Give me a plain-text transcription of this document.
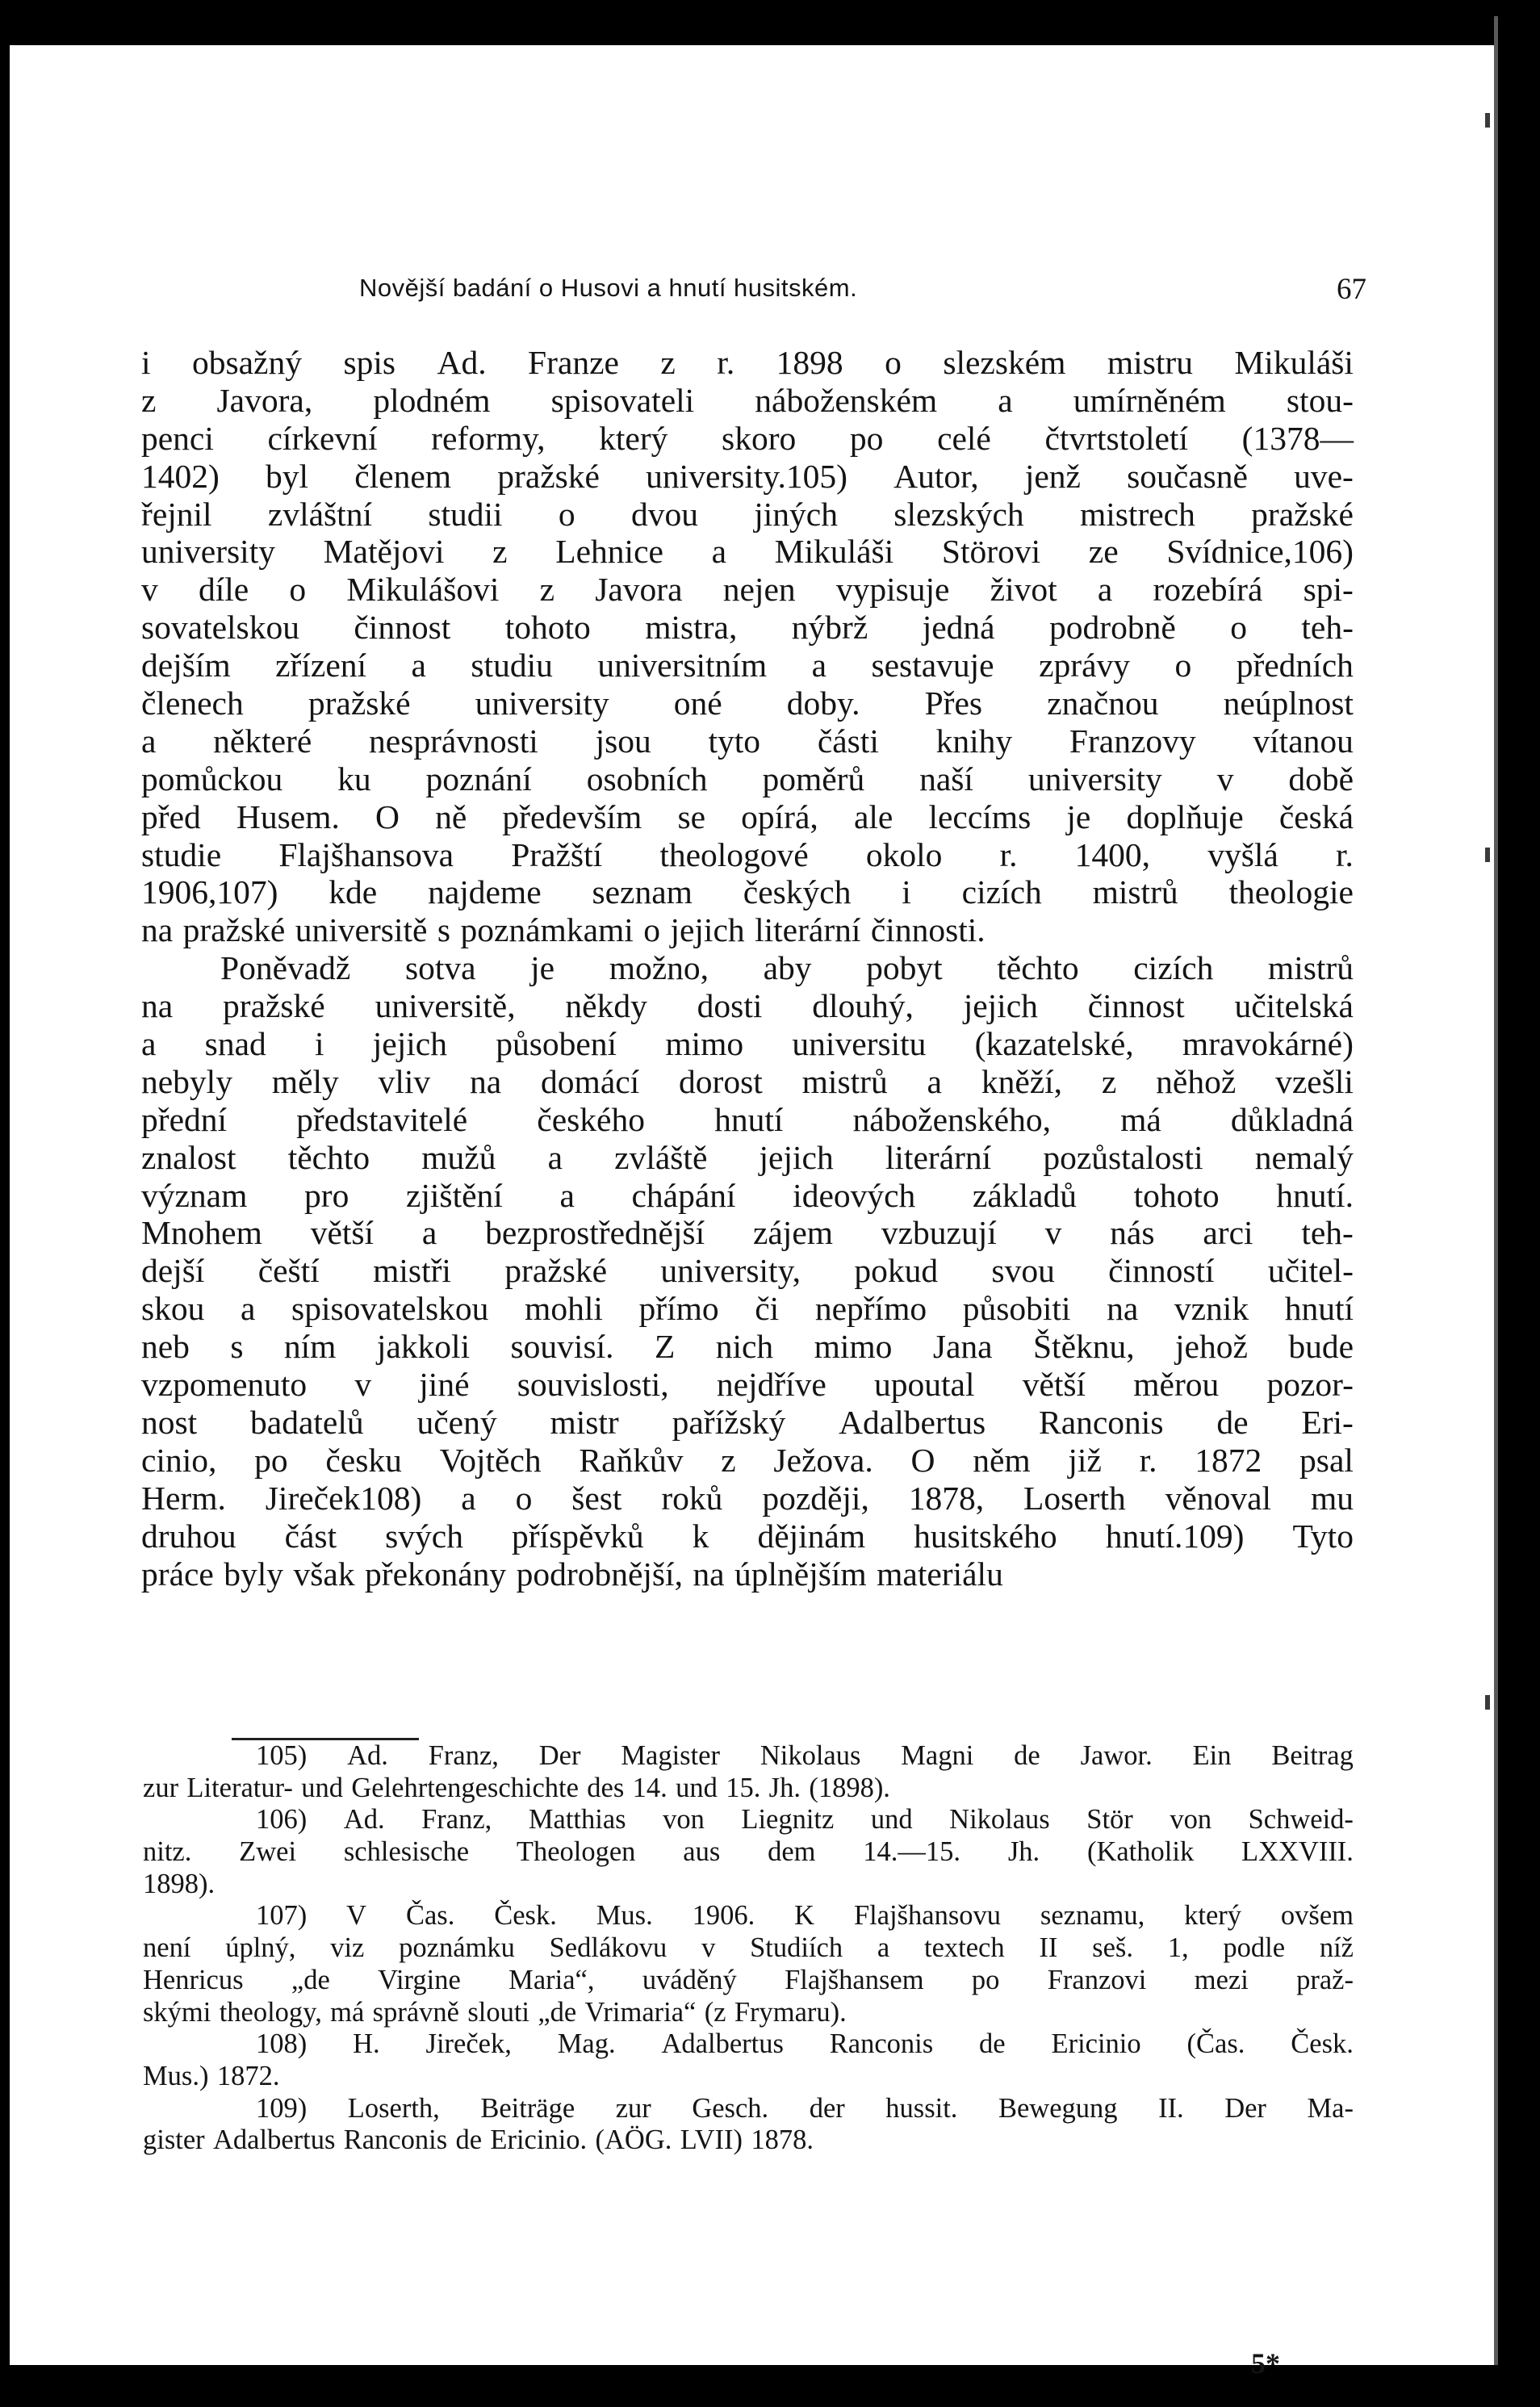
Novější badání o Husovi a hnutí husitském.	67
i obsažný spis Ad. Franze z r. 1898 o slezském mistru Mikuláši
z Javora, plodném spisovateli náboženském a umírněném stou-
penci církevní reformy, který skoro po celé čtvrtstoletí (1378—
1402) byl členem pražské university.105) Autor, jenž současně uve-
řejnil zvláštní studii o dvou jiných slezských mistrech pražské
university Matějovi z Lehnice a Mikuláši Störovi ze Svídnice,106)
v díle o Mikulášovi z Javora nejen vypisuje život a rozebírá spi-
sovatelskou činnost tohoto mistra, nýbrž jedná podrobně o teh-
dejším zřízení a studiu universitním a sestavuje zprávy o předních
členech pražské university oné doby. Přes značnou neúplnost
a některé nesprávnosti jsou tyto části knihy Franzovy vítanou
pomůckou ku poznání osobních poměrů naší university v době
před Husem. O ně především se opírá, ale leccíms je doplňuje česká
studie Flajšhansova Pražští theologové okolo r. 1400, vyšlá r.
1906,107) kde najdeme seznam českých i cizích mistrů theologie
na pražské universitě s poznámkami o jejich literární činnosti.
Poněvadž sotva je možno, aby pobyt těchto cizích mistrů
na pražské universitě, někdy dosti dlouhý, jejich činnost učitelská
a snad i jejich působení mimo universitu (kazatelské, mravokárné)
nebyly měly vliv na domácí dorost mistrů a kněží, z něhož vzešli
přední představitelé českého hnutí náboženského, má důkladná
znalost těchto mužů a zvláště jejich literární pozůstalosti nemalý
význam pro zjištění a chápání ideových základů tohoto hnutí.
Mnohem větší a bezprostřednější zájem vzbuzují v nás arci teh-
dejší čeští mistři pražské university, pokud svou činností učitel-
skou a spisovatelskou mohli přímo či nepřímo působiti na vznik hnutí
neb s ním jakkoli souvisí. Z nich mimo Jana Štěknu, jehož bude
vzpomenuto v jiné souvislosti, nejdříve upoutal větší měrou pozor-
nost badatelů učený mistr pařížský Adalbertus Ranconis de Eri-
cinio, po česku Vojtěch Raňkův z Ježova. O něm již r. 1872 psal
Herm. Jireček108) a o šest roků později, 1878, Loserth věnoval mu
druhou část svých příspěvků k dějinám husitského hnutí.109) Tyto
práce byly však překonány podrobnější, na úplnějším materiálu
105) Ad. Franz, Der Magister Nikolaus Magni de Jawor. Ein Beitrag
zur Literatur- und Gelehrtengeschichte des 14. und 15. Jh. (1898).
106) Ad. Franz, Matthias von Liegnitz und Nikolaus Stör von Schweid-
nitz. Zwei schlesische Theologen aus dem 14.—15. Jh. (Katholik LXXVIII.
1898).
107) V Čas. Česk. Mus. 1906. K Flajšhansovu seznamu, který ovšem
není úplný, viz poznámku Sedlákovu v Studiích a textech II seš. 1, podle níž
Henricus „de Virgine Maria“, uváděný Flajšhansem po Franzovi mezi praž-
skými theology, má správně slouti „de Vrimaria“ (z Frymaru).
108) H. Jireček, Mag. Adalbertus Ranconis de Ericinio (Čas. Česk.
Mus.) 1872.
109) Loserth, Beiträge zur Gesch. der hussit. Bewegung II. Der Ma-
gister Adalbertus Ranconis de Ericinio. (AÖG. LVII) 1878.
5*
